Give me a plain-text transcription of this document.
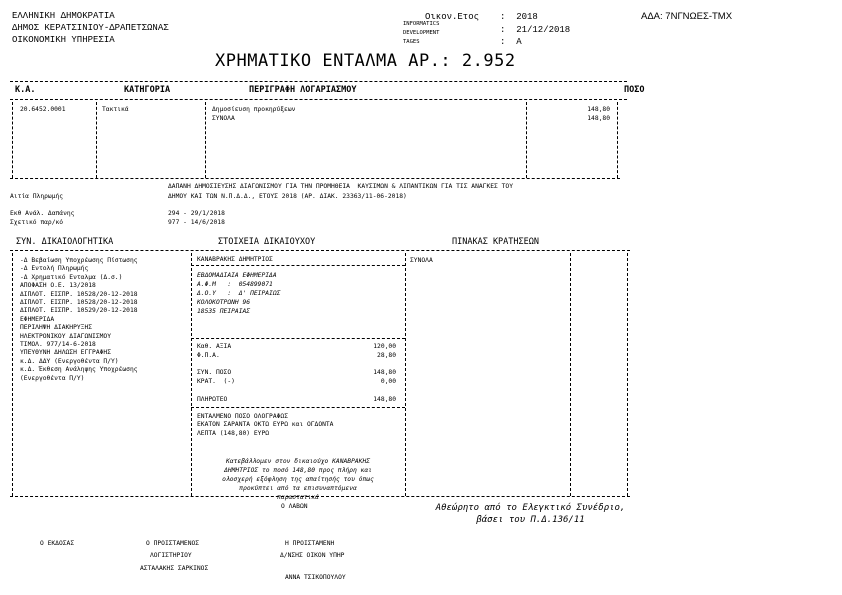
ΕΛΛΗΝΙΚΗ ΔΗΜΟΚΡΑΤΙΑ
ΔΗΜΟΣ ΚΕΡΑΤΣΙΝΙΟΥ-ΔΡΑΠΕΤΣΩΝΑΣ
ΟΙΚΟΝΟΜΙΚΗ ΥΠΗΡΕΣΙΑ
INFORMATICS
DEVELOPMENT
TAGES
Οικον.Ετος :  2018
:  21/12/2018
:  Α
ΑΔΑ: 7ΝΓΝΩΕΣ-ΤΜΧ
ΧΡΗΜΑΤΙΚΟ ΕΝΤΑΛΜΑ ΑΡ.: 2.952
Κ.Α.	ΚΑΤΗΓΟΡΙΑ	ΠΕΡΙΓΡΑΦΗ ΛΟΓΑΡΙΑΣΜΟΥ	ΠΟΣΟ
20.6452.0001	Τακτικά	Δημοσίευση προκηρύξεων	148,80
ΣΥΝΟΛΑ	148,80
Αιτία Πληρωμής
ΔΑΠΑΝΗ ΔΗΜΟΣΙΕΥΣΗΣ ΔΙΑΓΩΝΙΣΜΟΥ ΓΙΑ ΤΗΝ ΠΡΟΜΗΘΕΙΑ  ΚΑΥΣΙΜΩΝ & ΛΙΠΑΝΤΙΚΩΝ ΓΙΑ ΤΙΣ ΑΝΑΓΚΕΣ ΤΟΥ
ΔΗΜΟΥ ΚΑΙ ΤΩΝ Ν.Π.Δ.Δ., ΕΤΟΥΣ 2018 (ΑΡ. ΔΙΑΚ. 23363/11-06-2018)
Εκθ Ανάλ. Δαπάνης	294 - 29/1/2018
Σχετικό παρ/κό	977 - 14/6/2018
ΣΥΝ. ΔΙΚΑΙΟΛΟΓΗΤΙΚΑ	ΣΤΟΙΧΕΙΑ ΔΙΚΑΙΟΥΧΟΥ	ΠΙΝΑΚΑΣ ΚΡΑΤΗΣΕΩΝ
-Δ Βεβαίωση Υποχρέωσης Πίστωσης
-Δ Εντολή Πληρωμής
-Δ Χρηματικό Ενταλμα (Δ.σ.)
ΑΠΟΦΑΣΗ Ο.Ε. 13/2018
ΔΙΠΛΟΤ. ΕΙΣΠΡ. 10528/20-12-2018
ΔΙΠΛΟΤ. ΕΙΣΠΡ. 10528/20-12-2018
ΔΙΠΛΟΤ. ΕΙΣΠΡ. 10529/20-12-2018
ΕΦΗΜΕΡΙΔΑ
ΠΕΡΙΛΗΨΗ ΔΙΑΚΗΡΥΞΗΣ
ΗΛΕΚΤΡΟΝΙΚΟΥ ΔΙΑΓΩΝΙΣΜΟΥ
ΤΙΜΟΛ. 977/14-6-2018
ΥΠΕΥΘΥΝΗ ΔΗΛΩΣΗ ΕΓΓΡΑΦΗΣ
κ.Δ. ΔΔΥ (Ενεργοθέντα Π/Υ)
κ.Δ. Έκθεση Ανάληψης Υποχρέωσης
(Ενεργοθέντα Π/Υ)
ΚΑΝΑΒΡΑΚΗΣ ΔΗΜΗΤΡΙΟΣ
ΕΒΔΟΜΑΔΙΑΙΑ ΕΦΗΜΕΡΙΔΑ
Α.Φ.Μ   :  054899071
Δ.Ο.Υ   :  Δ' ΠΕΙΡΑΙΩΣ
ΚΟΛΟΚΟΤΡΩΝΗ 96
18535 ΠΕΙΡΑΙΑΣ
Καθ. ΑΞΙΑ	120,00
Φ.Π.Α.	28,80
ΣΥΝ. ΠΟΣΟ	148,80
ΚΡΑΤ.  (-)	0,00
ΠΛΗΡΩΤΕΟ	148,80
ΕΝΤΑΛΜΕΝΟ ΠΟΣΟ ΟΛΟΓΡΑΦΩΣ
ΕΚΑΤΟΝ ΣΑΡΑΝΤΑ ΟΚΤΩ ΕΥΡΩ και ΟΓΔΟΝΤΑ
ΛΕΠΤΑ (148,80) ΕΥΡΩ
Κατεβάλλομεν στον δικαιούχο ΚΑΝΑΒΡΑΚΗΣ
ΔΗΜΗΤΡΙΟΣ το ποσό 148,80 προς πλήρη και
ολοσχερή εξόφληση της απαίτησής του όπως
προκύπτει από τα επισυναπτόμενα
παραστατικά
Ο ΛΑΒΩΝ
ΣΥΝΟΛΑ
Αθεώρητο από το Ελεγκτικό Συνέδριο,
βάσει του Π.Δ.136/11
Ο ΕΚΔΟΣΑΣ	Ο ΠΡΟΙΣΤΑΜΕΝΟΣ
ΛΟΓΙΣΤΗΡΙΟΥ
ΑΣΤΑΛΑΚΗΣ ΣΑΡΚΙΝΟΣ
Η ΠΡΟΙΣΤΑΜΕΝΗ
Δ/ΝΣΗΣ ΟΙΚΟΝ ΥΠΗΡ
ΑΝΝΑ ΤΣΙΚΟΠΟΥΛΟΥ
